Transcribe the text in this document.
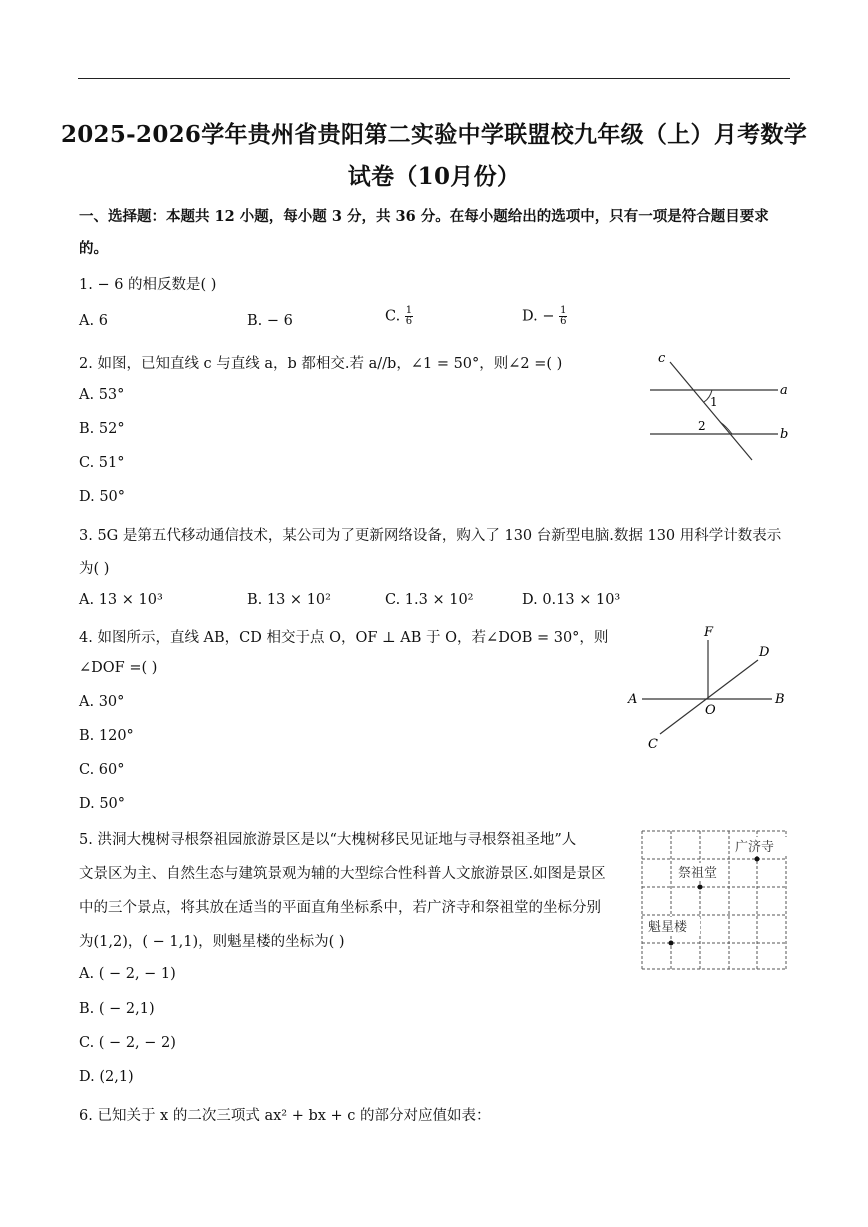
2025-2026学年贵州省贵阳第二实验中学联盟校九年级（上）月考数学
试卷（10月份）
一、选择题：本题共 12 小题，每小题 3 分，共 36 分。在每小题给出的选项中，只有一项是符合题目要求
的。
1. − 6 的相反数是( )
A. 6	B. − 6	C. $\frac{1}{6}$	D. − $\frac{1}{6}$
2. 如图，已知直线 c 与直线 a，b 都相交.若 a//b，∠1 = 50°，则∠2 =( )
A. 53°
B. 52°
C. 51°
D. 50°
c
a
b
1
2
3. 5G 是第五代移动通信技术，某公司为了更新网络设备，购入了 130 台新型电脑.数据 130 用科学计数表示
为( )
A. 13 × 10³	B. 13 × 10²	C. 1.3 × 10²	D. 0.13 × 10³
4. 如图所示，直线 AB，CD 相交于点 O，OF ⊥ AB 于 O，若∠DOB = 30°，则
∠DOF =( )
A. 30°
B. 120°
C. 60°
D. 50°
F
D
A
O
B
C
5. 洪洞大槐树寻根祭祖园旅游景区是以“大槐树移民见证地与寻根祭祖圣地”人
文景区为主、自然生态与建筑景观为辅的大型综合性科普人文旅游景区.如图是景区
中的三个景点，将其放在适当的平面直角坐标系中，若广济寺和祭祖堂的坐标分别
为(1,2)，( − 1,1)，则魁星楼的坐标为( )
A. ( − 2, − 1)
B. ( − 2,1)
C. ( − 2, − 2)
D. (2,1)
广济寺
祭祖堂
魁星楼
6. 已知关于 x 的二次三项式 ax² + bx + c 的部分对应值如表：
